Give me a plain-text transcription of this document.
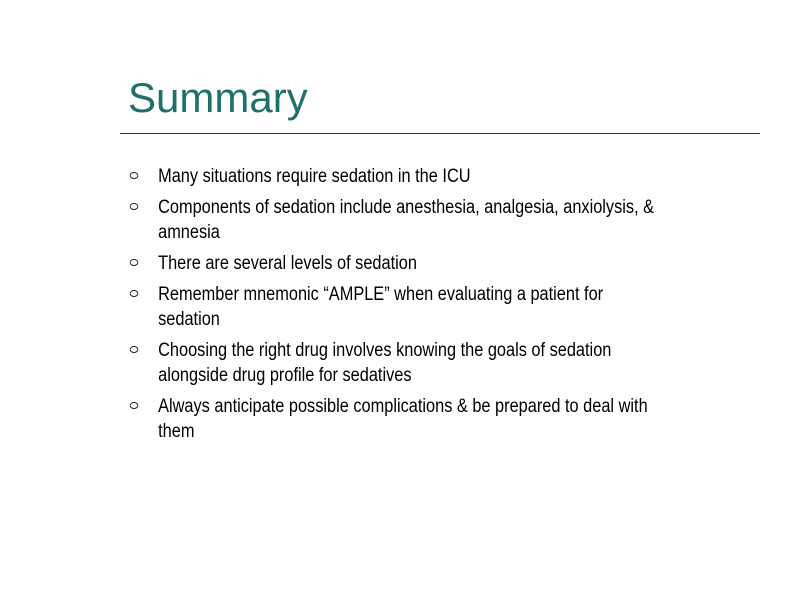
Summary
Many situations require sedation in the ICU
Components of sedation include anesthesia, analgesia, anxiolysis, & amnesia
There are several levels of sedation
Remember mnemonic “AMPLE” when evaluating a patient for sedation
Choosing the right drug involves knowing the goals of sedation alongside drug profile for sedatives
Always anticipate possible complications & be prepared to deal with them
